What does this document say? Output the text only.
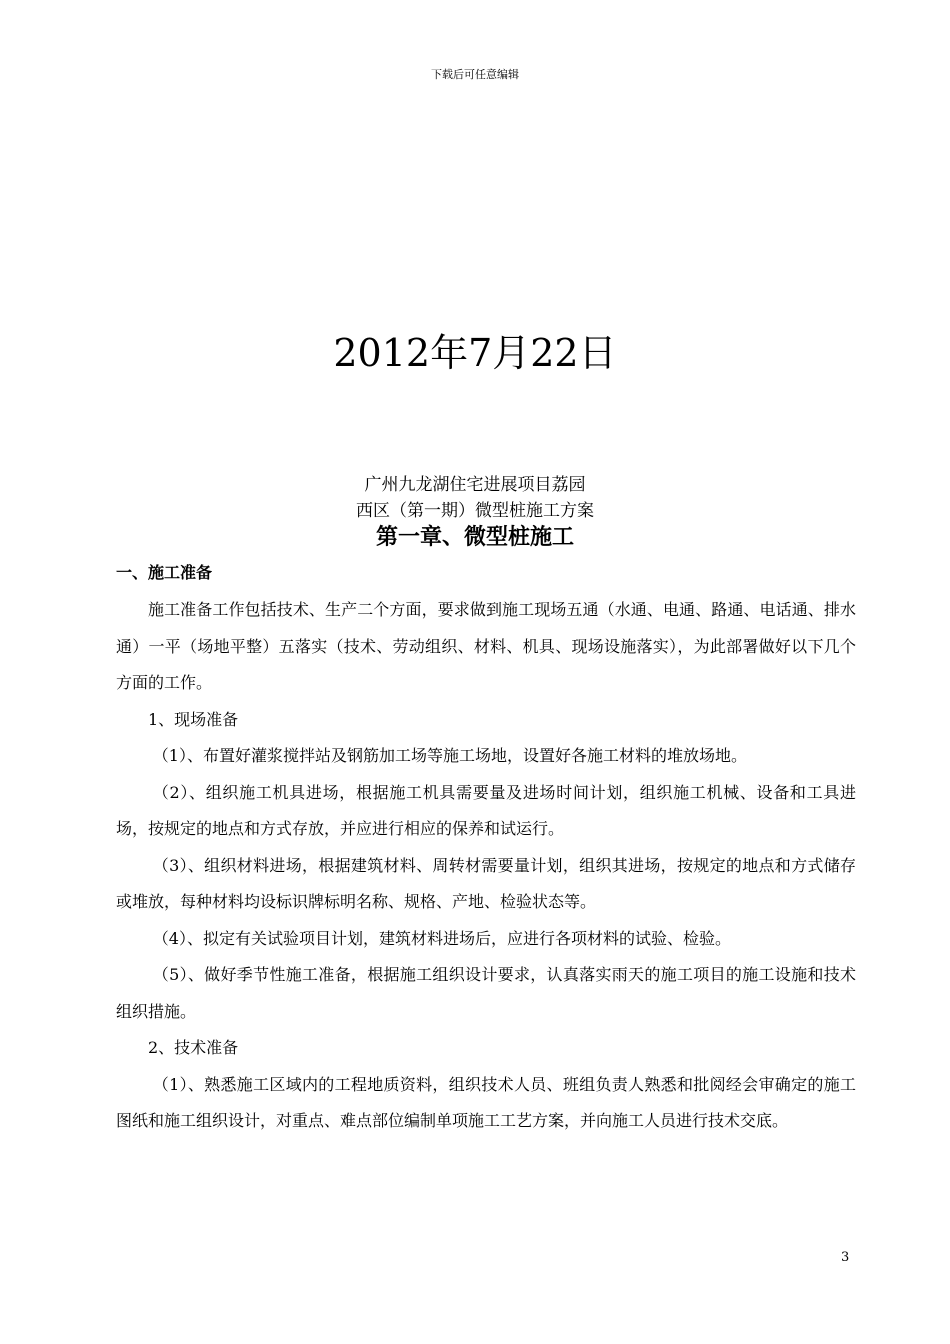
下载后可任意编辑
2012年7月22日
广州九龙湖住宅进展项目荔园
西区（第一期）微型桩施工方案
第一章、微型桩施工
一、施工准备

施工准备工作包括技术、生产二个方面，要求做到施工现场五通（水通、电通、路通、电话通、排水通）一平（场地平整）五落实（技术、劳动组织、材料、机具、现场设施落实），为此部署做好以下几个方面的工作。

1、现场准备

（1）、布置好灌浆搅拌站及钢筋加工场等施工场地，设置好各施工材料的堆放场地。

（2）、组织施工机具进场，根据施工机具需要量及进场时间计划，组织施工机械、设备和工具进场，按规定的地点和方式存放，并应进行相应的保养和试运行。

（3）、组织材料进场，根据建筑材料、周转材需要量计划，组织其进场，按规定的地点和方式储存或堆放，每种材料均设标识牌标明名称、规格、产地、检验状态等。

（4）、拟定有关试验项目计划，建筑材料进场后，应进行各项材料的试验、检验。

（5）、做好季节性施工准备，根据施工组织设计要求，认真落实雨天的施工项目的施工设施和技术组织措施。

2、技术准备

（1）、熟悉施工区域内的工程地质资料，组织技术人员、班组负责人熟悉和批阅经会审确定的施工图纸和施工组织设计，对重点、难点部位编制单项施工工艺方案，并向施工人员进行技术交底。

3
